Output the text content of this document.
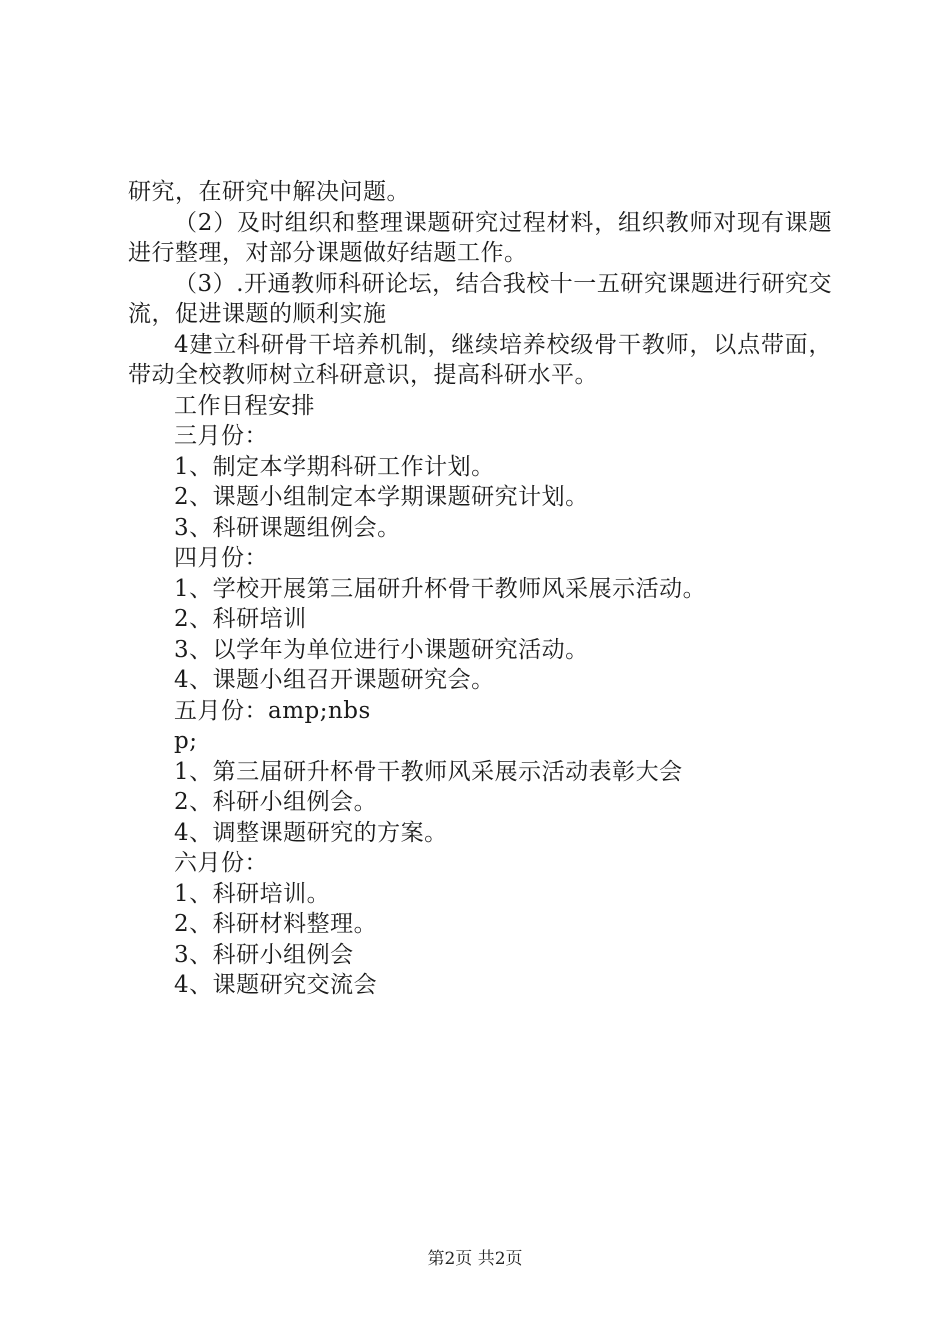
研究，在研究中解决问题。

（2）及时组织和整理课题研究过程材料，组织教师对现有课题进行整理，对部分课题做好结题工作。

（3）.开通教师科研论坛，结合我校十一五研究课题进行研究交流，促进课题的顺利实施

4建立科研骨干培养机制，继续培养校级骨干教师，以点带面，带动全校教师树立科研意识，提高科研水平。

工作日程安排

三月份：

1、制定本学期科研工作计划。

2、课题小组制定本学期课题研究计划。

3、科研课题组例会。

四月份：

1、学校开展第三届研升杯骨干教师风采展示活动。

2、科研培训

3、以学年为单位进行小课题研究活动。

4、课题小组召开课题研究会。

五月份：amp;nbs

p;

1、第三届研升杯骨干教师风采展示活动表彰大会

2、科研小组例会。

4、调整课题研究的方案。

六月份：

1、科研培训。

2、科研材料整理。

3、科研小组例会

4、课题研究交流会

第2页 共2页
